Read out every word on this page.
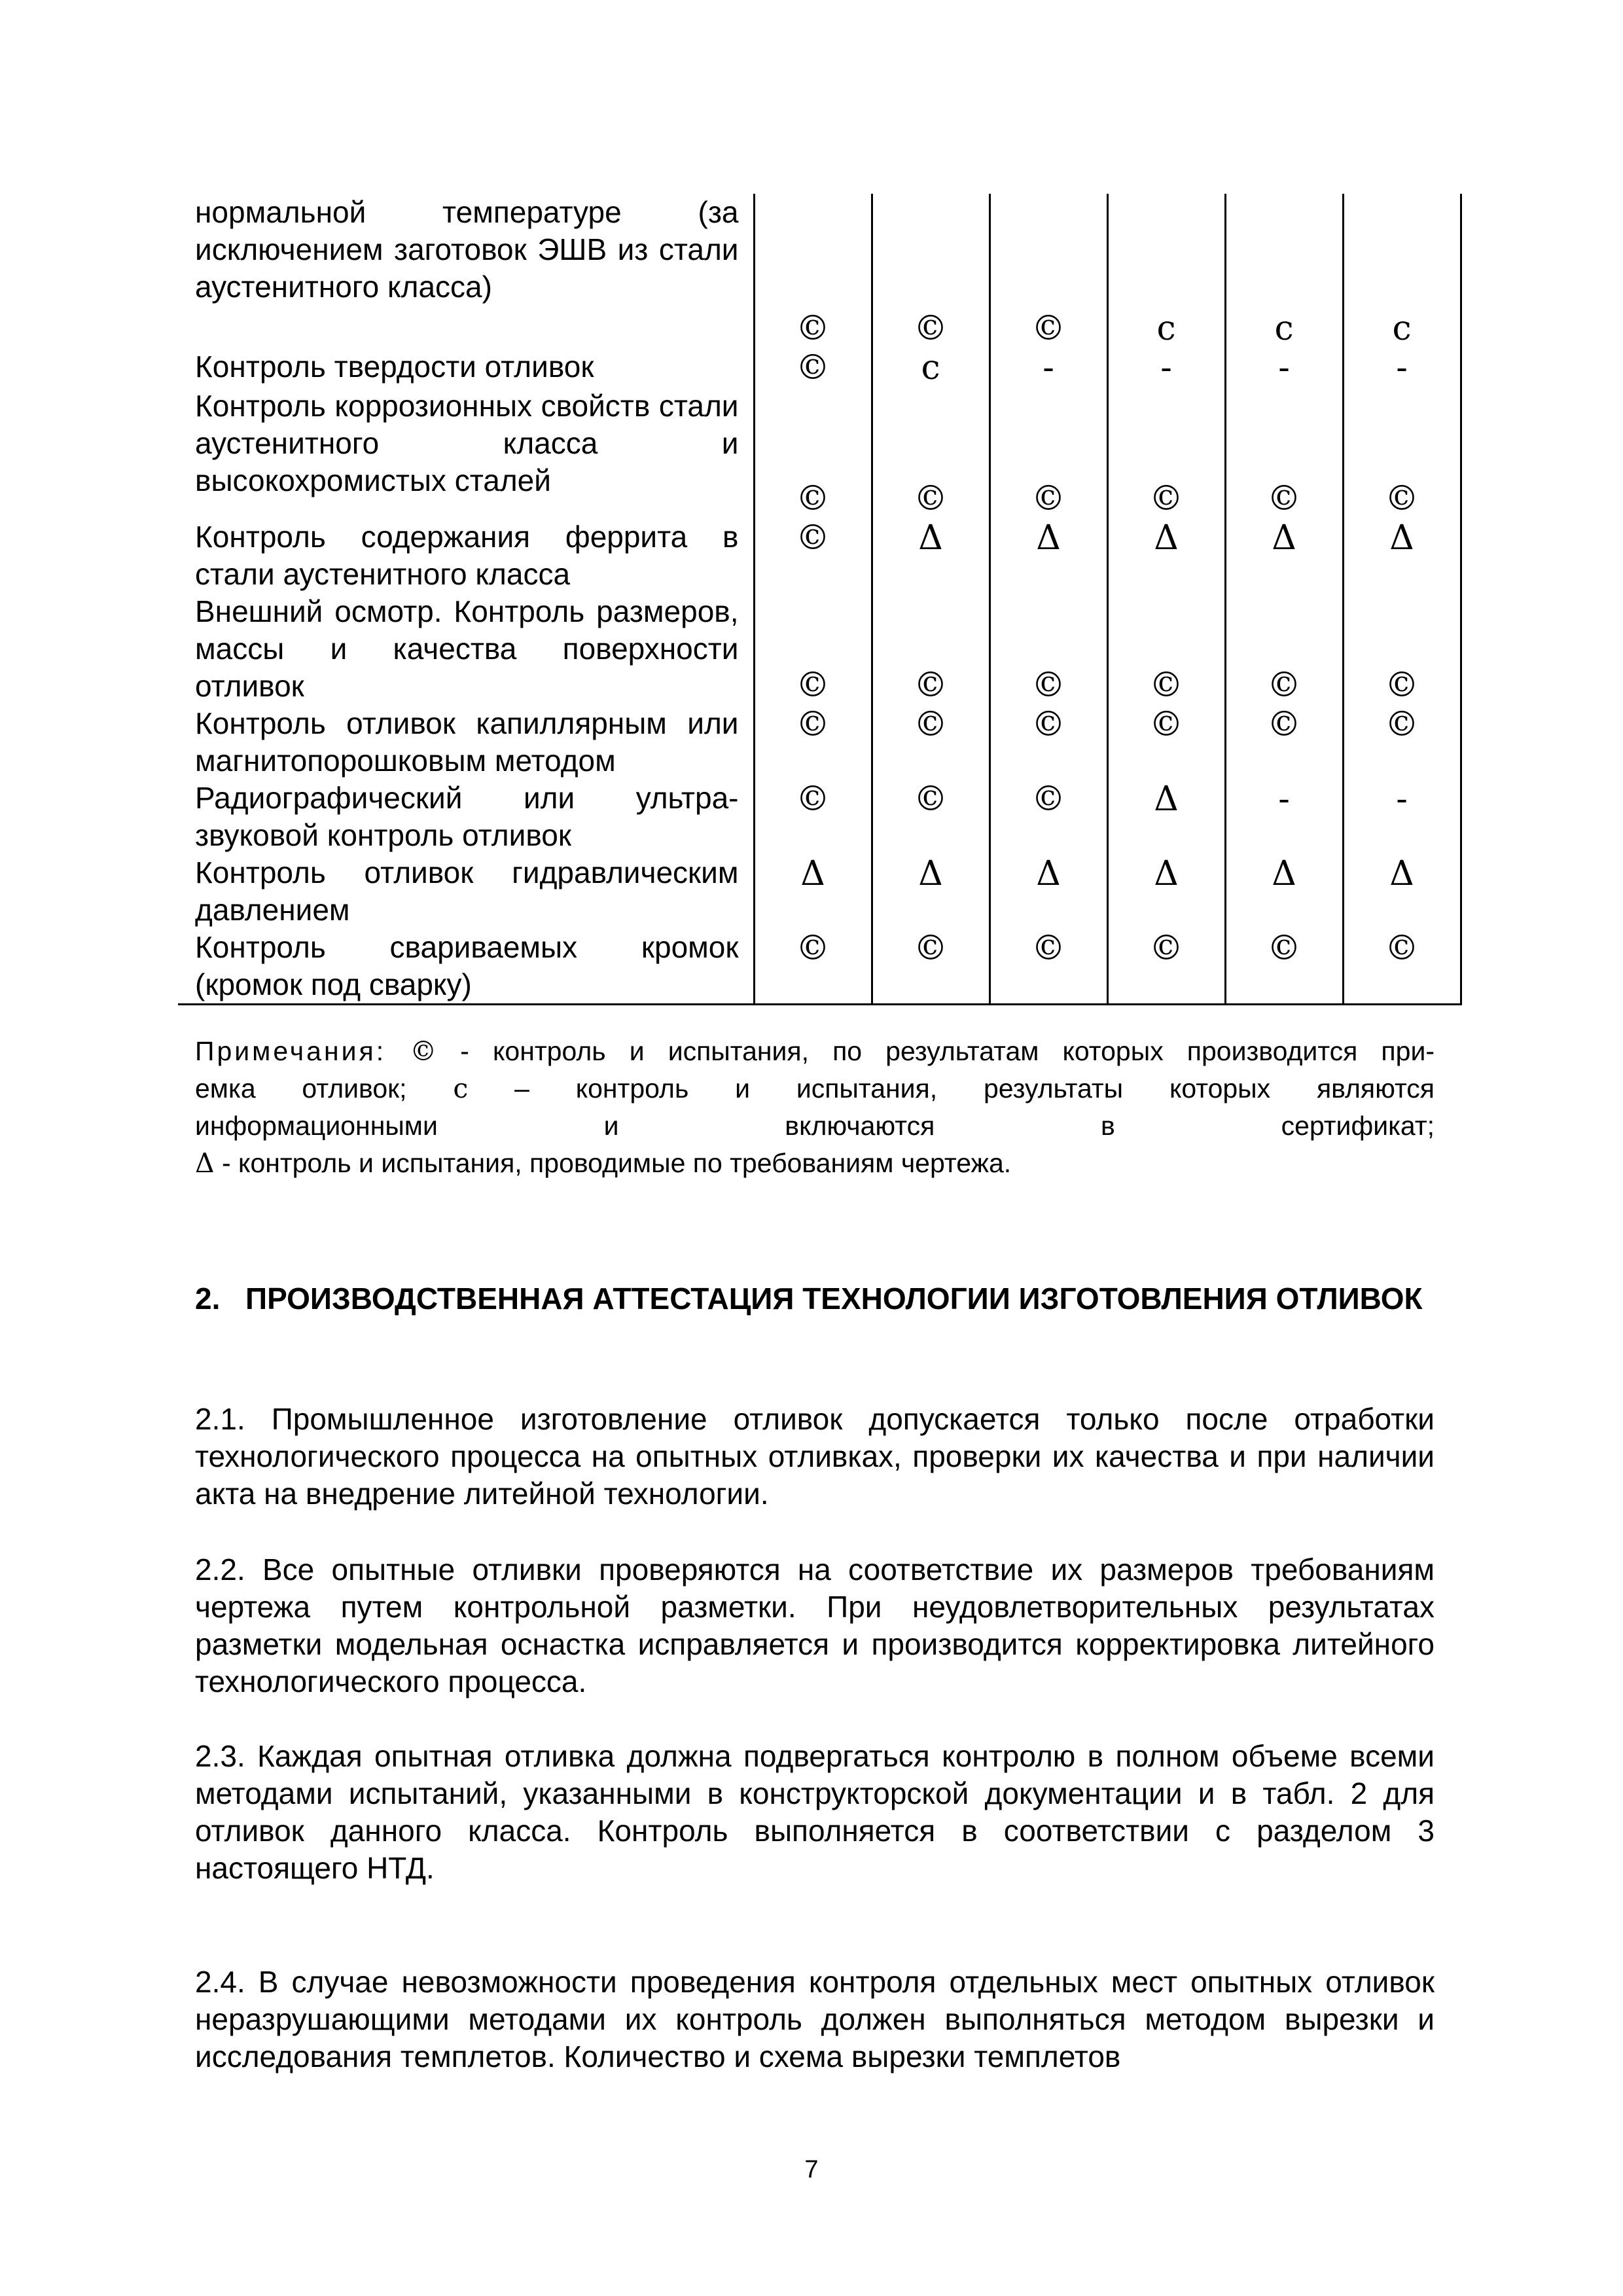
нормальной температуре (за исключением заготовок ЭШВ из стали аустенитного класса)	©	©	©	c	c	c
Контроль твердости отливок	©	c	-	-	-	-
Контроль коррозионных свойств стали аустенитного класса и высокохромистых сталей	©	©	©	©	©	©
Контроль содержания феррита в стали аустенитного класса	©	Δ	Δ	Δ	Δ	Δ
Внешний осмотр. Контроль размеров, массы и качества поверхности отливок	©	©	©	©	©	©
Контроль отливок капиллярным или магнитопорошковым методом	©	©	©	©	©	©
Радиографический или ультра-звуковой контроль отливок	©	©	©	Δ	-	-
Контроль отливок гидравлическим давлением	Δ	Δ	Δ	Δ	Δ	Δ
Контроль свариваемых кромок (кромок под сварку)	©	©	©	©	©	©
Примечания: © - контроль и испытания, по результатам которых производится при-
емка отливок; c – контроль и испытания, результаты которых являются
информационными и включаются в сертификат;
Δ - контроль и испытания, проводимые по требованиям чертежа.
2. ПРОИЗВОДСТВЕННАЯ АТТЕСТАЦИЯ ТЕХНОЛОГИИ ИЗГОТОВЛЕНИЯ ОТЛИВОК
2.1. Промышленное изготовление отливок допускается только после отработки технологического процесса на опытных отливках, проверки их качества и при наличии акта на внедрение литейной технологии.
2.2. Все опытные отливки проверяются на соответствие их размеров требованиям чертежа путем контрольной разметки. При неудовлетворительных результатах разметки модельная оснастка исправляется и производится корректировка литейного технологического процесса.
2.3. Каждая опытная отливка должна подвергаться контролю в полном объеме всеми методами испытаний, указанными в конструкторской документации и в табл. 2 для отливок данного класса. Контроль выполняется в соответствии с разделом 3 настоящего НТД.
2.4. В случае невозможности проведения контроля отдельных мест опытных отливок неразрушающими методами их контроль должен выполняться методом вырезки и исследования темплетов. Количество и схема вырезки темплетов
7
